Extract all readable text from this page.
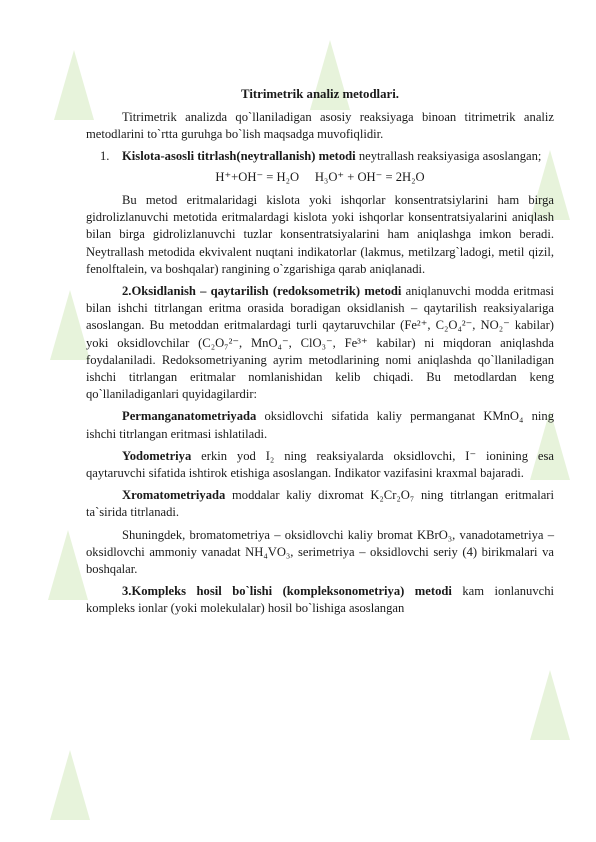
Titrimetrik analiz metodlari.

Titrimetrik analizda qo`llaniladigan asosiy reaksiyaga binoan titrimetrik analiz metodlarini to`rtta guruhga bo`lish maqsadga muvofiqlidir.

1. Kislota-asosli titrlash(neytrallanish) metodi neytrallash reaksiyasiga asoslangan;

H⁺+OH⁻ = H₂O H₃O⁺ + OH⁻ = 2H₂O

Bu metod eritmalaridagi kislota yoki ishqorlar konsentratsiylarini ham birga gidrolizlanuvchi metotida eritmalardagi kislota yoki ishqorlar konsentratsiyalarini aniqlash bilan birga gidrolizlanuvchi tuzlar konsentratsiyalarini ham aniqlashga imkon beradi. Neytrallash metodida ekvivalent nuqtani indikatorlar (lakmus, metilzarg`ladogi, metil qizil, fenolftalein, va boshqalar) rangining o`zgarishiga qarab aniqlanadi.

2.Oksidlanish – qaytarilish (redoksometrik) metodi aniqlanuvchi modda eritmasi bilan ishchi titrlangan eritma orasida boradigan oksidlanish – qaytarilish reaksiyalariga asoslangan. Bu metoddan eritmalardagi turli qaytaruvchilar (Fe²⁺, C₂O₄²⁻, NO₂⁻ kabilar) yoki oksidlovchilar (C₂O₇²⁻, MnO₄⁻, ClO₃⁻, Fe³⁺ kabilar) ni miqdoran aniqlashda foydalaniladi. Redoksometriyaning ayrim metodlarining nomi aniqlashda qo`llaniladigan ishchi titrlangan eritmalar nomlanishidan kelib chiqadi. Bu metodlardan keng qo`llaniladiganlari quyidagilardir:

Permanganatometriyada oksidlovchi sifatida kaliy permanganat KMnO₄ ning ishchi titrlangan eritmasi ishlatiladi.

Yodometriya erkin yod I₂ ning reaksiyalarda oksidlovchi, I⁻ ionining esa qaytaruvchi sifatida ishtirok etishiga asoslangan. Indikator vazifasini kraxmal bajaradi.

Xromatometriyada moddalar kaliy dixromat K₂Cr₂O₇ ning titrlangan eritmalari ta`sirida titrlanadi.

Shuningdek, bromatometriya – oksidlovchi kaliy bromat KBrO₃, vanadotametriya – oksidlovchi ammoniy vanadat NH₄VO₃, serimetriya – oksidlovchi seriy (4) birikmalari va boshqalar.

3.Kompleks hosil bo`lishi (kompleksonometriya) metodi kam ionlanuvchi kompleks ionlar (yoki molekulalar) hosil bo`lishiga asoslangan
